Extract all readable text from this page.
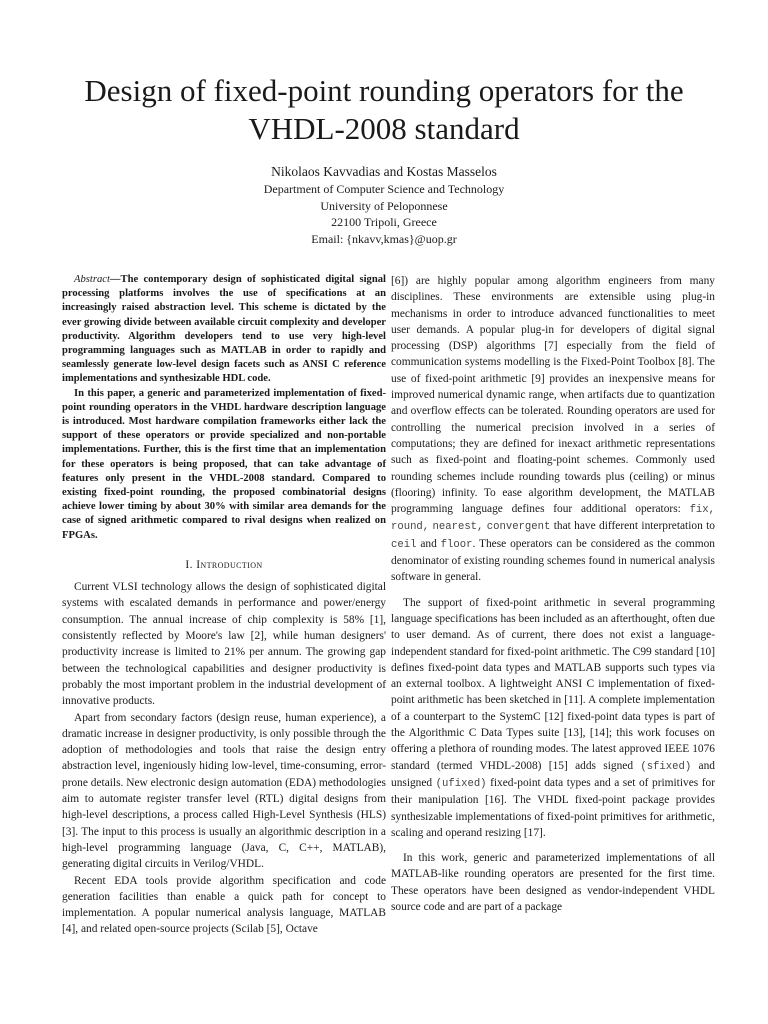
Design of fixed-point rounding operators for the VHDL-2008 standard
Nikolaos Kavvadias and Kostas Masselos
Department of Computer Science and Technology
University of Peloponnese
22100 Tripoli, Greece
Email: {nkavv,kmas}@uop.gr

Abstract—The contemporary design of sophisticated digital signal processing platforms involves the use of specifications at an increasingly raised abstraction level. This scheme is dictated by the ever growing divide between available circuit complexity and developer productivity. Algorithm developers tend to use very high-level programming languages such as MATLAB in order to rapidly and seamlessly generate low-level design facets such as ANSI C reference implementations and synthesizable HDL code.

In this paper, a generic and parameterized implementation of fixed-point rounding operators in the VHDL hardware description language is introduced. Most hardware compilation frameworks either lack the support of these operators or provide specialized and non-portable implementations. Further, this is the first time that an implementation for these operators is being proposed, that can take advantage of features only present in the VHDL-2008 standard. Compared to existing fixed-point rounding, the proposed combinatorial designs achieve lower timing by about 30% with similar area demands for the case of signed arithmetic compared to rival designs when realized on FPGAs.

I. Introduction

Current VLSI technology allows the design of sophisticated digital systems with escalated demands in performance and power/energy consumption. The annual increase of chip complexity is 58% [1], consistently reflected by Moore's law [2], while human designers' productivity increase is limited to 21% per annum. The growing gap between the technological capabilities and designer productivity is probably the most important problem in the industrial development of innovative products.

Apart from secondary factors (design reuse, human experience), a dramatic increase in designer productivity, is only possible through the adoption of methodologies and tools that raise the design entry abstraction level, ingeniously hiding low-level, time-consuming, error-prone details. New electronic design automation (EDA) methodologies aim to automate register transfer level (RTL) digital designs from high-level descriptions, a process called High-Level Synthesis (HLS) [3]. The input to this process is usually an algorithmic description in a high-level programming language (Java, C, C++, MATLAB), generating digital circuits in Verilog/VHDL.

Recent EDA tools provide algorithm specification and code generation facilities than enable a quick path for concept to implementation. A popular numerical analysis language, MATLAB [4], and related open-source projects (Scilab [5], Octave

[6]) are highly popular among algorithm engineers from many disciplines. These environments are extensible using plug-in mechanisms in order to introduce advanced functionalities to meet user demands. A popular plug-in for developers of digital signal processing (DSP) algorithms [7] especially from the field of communication systems modelling is the Fixed-Point Toolbox [8]. The use of fixed-point arithmetic [9] provides an inexpensive means for improved numerical dynamic range, when artifacts due to quantization and overflow effects can be tolerated. Rounding operators are used for controlling the numerical precision involved in a series of computations; they are defined for inexact arithmetic representations such as fixed-point and floating-point schemes. Commonly used rounding schemes include rounding towards plus (ceiling) or minus (flooring) infinity. To ease algorithm development, the MATLAB programming language defines four additional operators: fix, round, nearest, convergent that have different interpretation to ceil and floor. These operators can be considered as the common denominator of existing rounding schemes found in numerical analysis software in general.

The support of fixed-point arithmetic in several programming language specifications has been included as an afterthought, often due to user demand. As of current, there does not exist a language-independent standard for fixed-point arithmetic. The C99 standard [10] defines fixed-point data types and MATLAB supports such types via an external toolbox. A lightweight ANSI C implementation of fixed-point arithmetic has been sketched in [11]. A complete implementation of a counterpart to the SystemC [12] fixed-point data types is part of the Algorithmic C Data Types suite [13], [14]; this work focuses on offering a plethora of rounding modes. The latest approved IEEE 1076 standard (termed VHDL-2008) [15] adds signed (sfixed) and unsigned (ufixed) fixed-point data types and a set of primitives for their manipulation [16]. The VHDL fixed-point package provides synthesizable implementations of fixed-point primitives for arithmetic, scaling and operand resizing [17].

In this work, generic and parameterized implementations of all MATLAB-like rounding operators are presented for the first time. These operators have been designed as vendor-independent VHDL source code and are part of a package
